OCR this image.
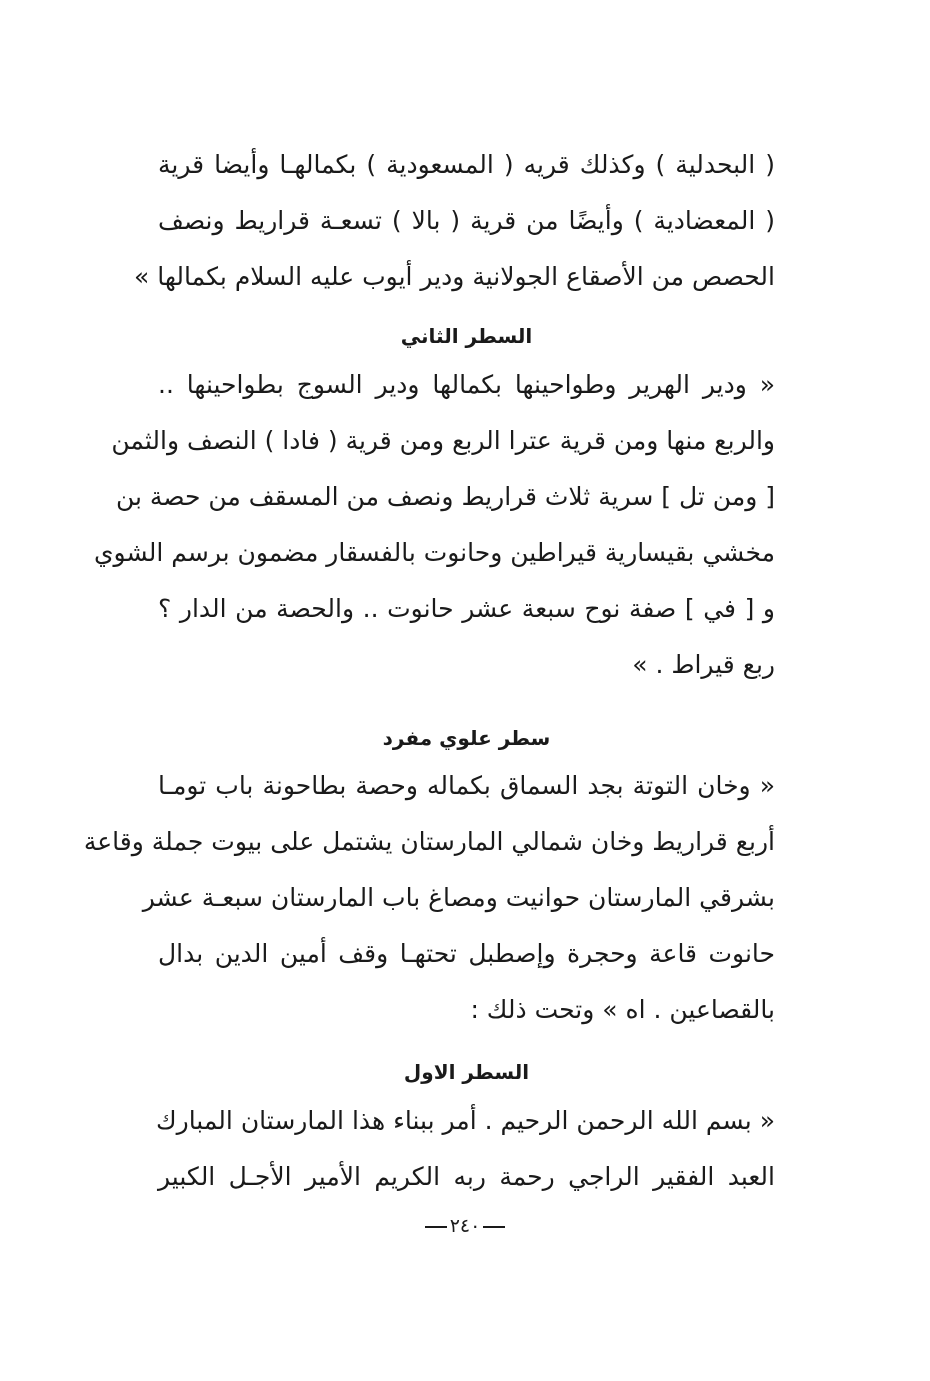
( البحدلية ) وكذلك قريه ( المسعودية ) بكمالهـا وأيضا قرية
( المعضادية ) وأيضًا من قرية ( بالا ) تسعـة قراريط ونصف
الحصص من الأصقاع الجولانية ودير أيوب عليه السلام بكمالها »
السطر الثاني
« ودير الهرير وطواحينها بكمالها ودير السوج بطواحينها ..
والربع منها ومن قرية عترا الربع ومن قرية ( فادا ) النصف والثمن
[ ومن تل ] سرية ثلاث قراريط ونصف من المسقف من حصة بن
مخشي بقيسارية قيراطين وحانوت بالفسقار مضمون برسم الشوي
و [ في ] صفة نوح سبعة عشر حانوت .. والحصة من الدار ؟
ربع قيراط . »
سطر علوي مفرد
« وخان التوتة بجد السماق بكماله وحصة بطاحونة باب تومـا
أربع قراريط وخان شمالي المارستان يشتمل على بيوت جملة وقاعة
بشرقي المارستان حوانيت ومصاغ باب المارستان سبعـة عشر
حانوت قاعة وحجرة وإصطبل تحتهـا وقف أمين الدين بدال
بالقصاعين . اه » وتحت ذلك :
السطر الاول
« بسم الله الرحمن الرحيم . أمر ببناء هذا المارستان المبارك
العبد الفقير الراجي رحمة ربه الكريم الأمير الأجـل الكبير
٢٤٠
